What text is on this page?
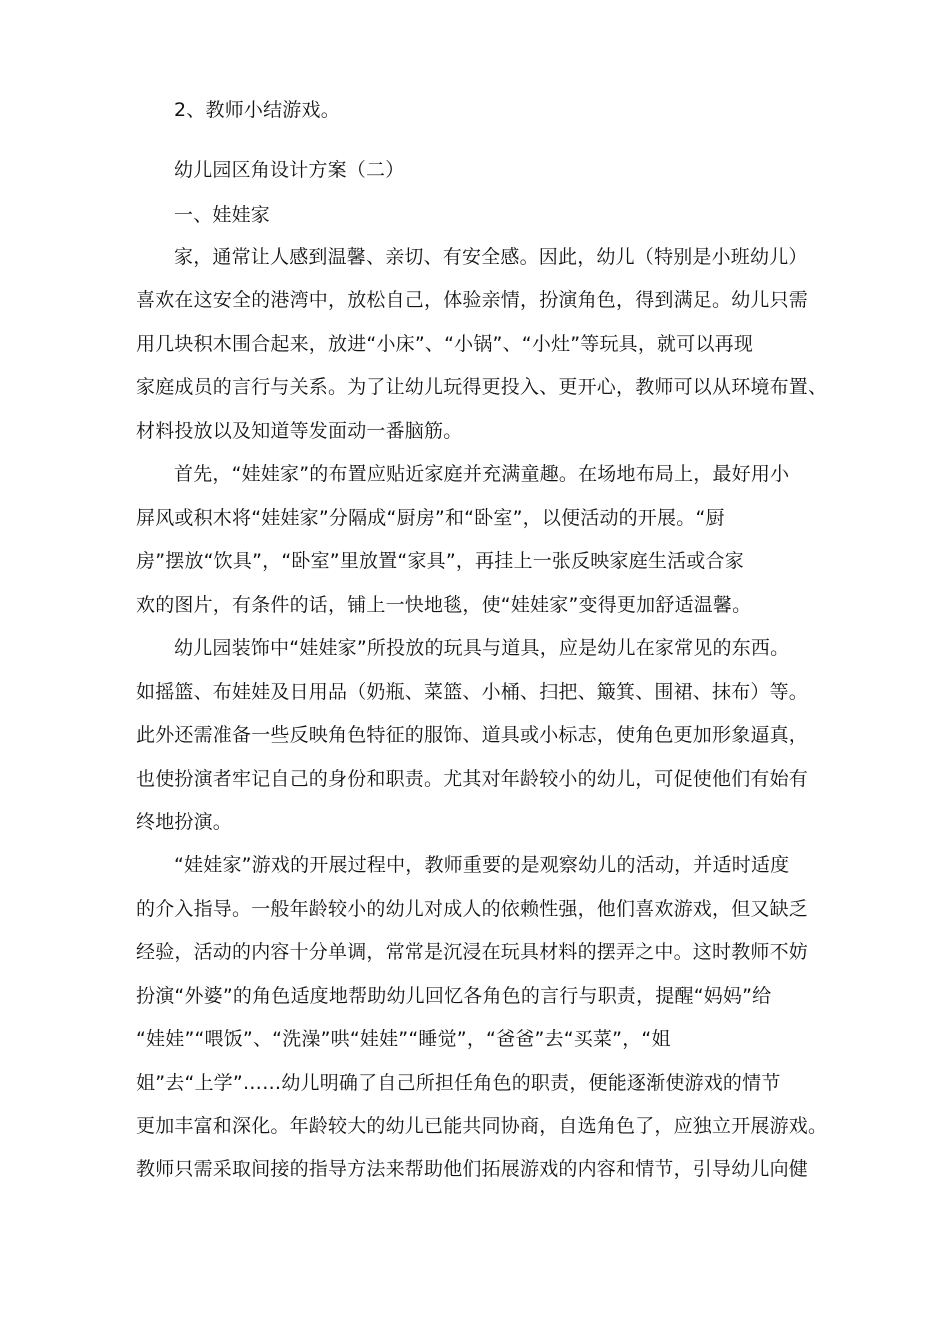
2、教师小结游戏。
幼儿园区角设计方案（二）
一、娃娃家
家，通常让人感到温馨、亲切、有安全感。因此，幼儿（特别是小班幼儿）
喜欢在这安全的港湾中，放松自己，体验亲情，扮演角色，得到满足。幼儿只需
用几块积木围合起来，放进“小床”、“小锅”、“小灶”等玩具，就可以再现
家庭成员的言行与关系。为了让幼儿玩得更投入、更开心，教师可以从环境布置、
材料投放以及知道等发面动一番脑筋。
首先，“娃娃家”的布置应贴近家庭并充满童趣。在场地布局上，最好用小
屏风或积木将“娃娃家”分隔成“厨房”和“卧室”，以便活动的开展。“厨
房”摆放“饮具”，“卧室”里放置“家具”，再挂上一张反映家庭生活或合家
欢的图片，有条件的话，铺上一快地毯，使“娃娃家”变得更加舒适温馨。
幼儿园装饰中“娃娃家”所投放的玩具与道具，应是幼儿在家常见的东西。
如摇篮、布娃娃及日用品（奶瓶、菜篮、小桶、扫把、簸箕、围裙、抹布）等。
此外还需准备一些反映角色特征的服饰、道具或小标志，使角色更加形象逼真，
也使扮演者牢记自己的身份和职责。尤其对年龄较小的幼儿，可促使他们有始有
终地扮演。
“娃娃家”游戏的开展过程中，教师重要的是观察幼儿的活动，并适时适度
的介入指导。一般年龄较小的幼儿对成人的依赖性强，他们喜欢游戏，但又缺乏
经验，活动的内容十分单调，常常是沉浸在玩具材料的摆弄之中。这时教师不妨
扮演“外婆”的角色适度地帮助幼儿回忆各角色的言行与职责，提醒“妈妈”给
“娃娃”“喂饭”、“洗澡”哄“娃娃”“睡觉”，“爸爸”去“买菜”，“姐
姐”去“上学”……幼儿明确了自己所担任角色的职责，便能逐渐使游戏的情节
更加丰富和深化。年龄较大的幼儿已能共同协商，自选角色了，应独立开展游戏。
教师只需采取间接的指导方法来帮助他们拓展游戏的内容和情节，引导幼儿向健
